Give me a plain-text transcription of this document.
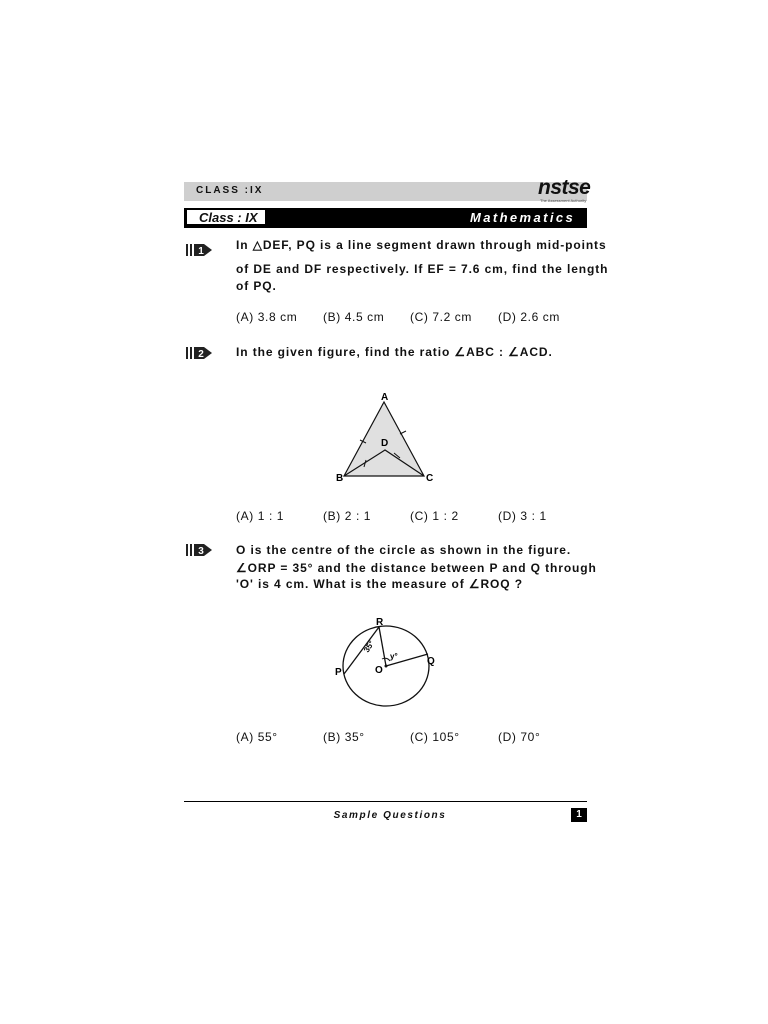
CLASS :IX	nstse
The Assessment Authority
Class : IX	Mathematics
1	In △DEF, PQ is a line segment drawn through mid-points
of DE and DF respectively. If EF = 7.6 cm, find the length
of PQ.
(A) 3.8 cm (B) 4.5 cm (C) 7.2 cm (D) 2.6 cm
2	In the given figure, find the ratio ∠ABC : ∠ACD.
A
D
B	C
(A) 1 : 1	(B) 2 : 1	(C) 1 : 2	(D) 3 : 1
3	O is the centre of the circle as shown in the figure.
∠ORP = 35° and the distance between P and Q through
'O' is 4 cm. What is the measure of ∠ROQ ?
R
P
Q
O
y°
35°
(A) 55°	(B) 35°	(C) 105°	(D) 70°
Sample Questions	1
